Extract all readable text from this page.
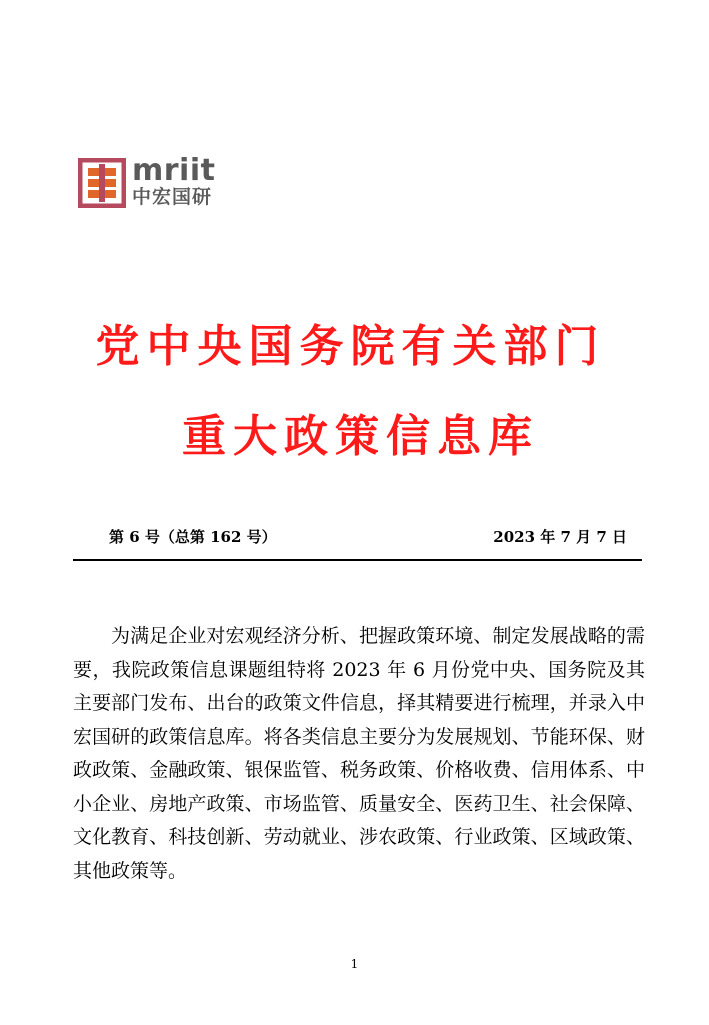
mriit
中宏国研
党中央国务院有关部门
重大政策信息库
第 6 号（总第 162 号）	2023 年 7 月 7 日

为满足企业对宏观经济分析、把握政策环境、制定发展战略的需要，我院政策信息课题组特将 2023 年 6 月份党中央、国务院及其主要部门发布、出台的政策文件信息，择其精要进行梳理，并录入中宏国研的政策信息库。将各类信息主要分为发展规划、节能环保、财政政策、金融政策、银保监管、税务政策、价格收费、信用体系、中小企业、房地产政策、市场监管、质量安全、医药卫生、社会保障、文化教育、科技创新、劳动就业、涉农政策、行业政策、区域政策、其他政策等。

1
